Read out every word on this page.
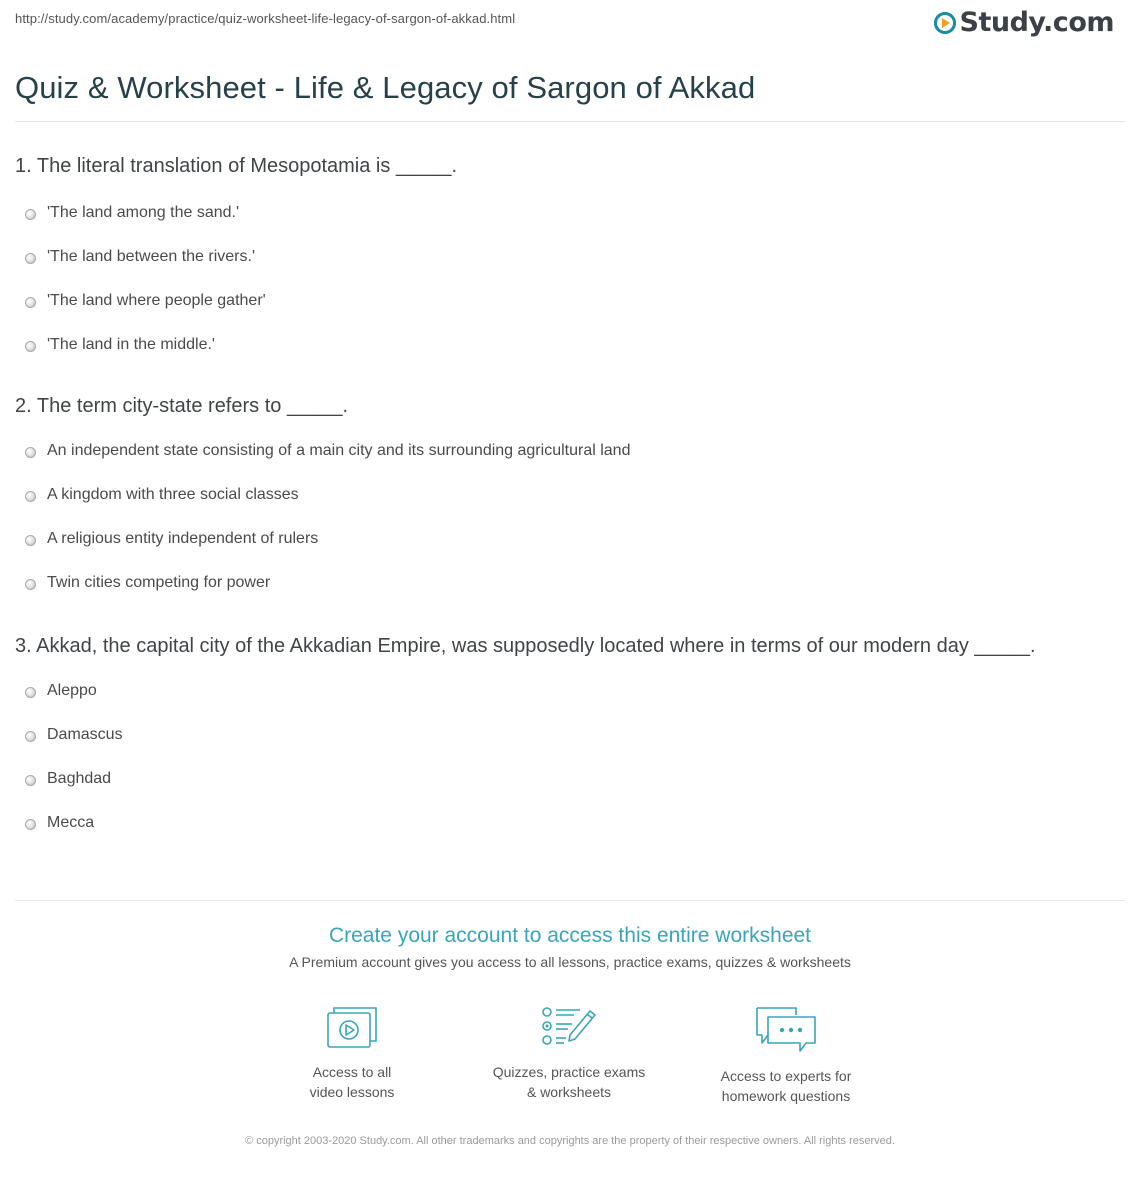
http://study.com/academy/practice/quiz-worksheet-life-legacy-of-sargon-of-akkad.html	Study.com
Quiz & Worksheet - Life & Legacy of Sargon of Akkad

1. The literal translation of Mesopotamia is _____.

'The land among the sand.'
'The land between the rivers.'
'The land where people gather'
'The land in the middle.'

2. The term city-state refers to _____.

An independent state consisting of a main city and its surrounding agricultural land
A kingdom with three social classes
A religious entity independent of rulers
Twin cities competing for power

3. Akkad, the capital city of the Akkadian Empire, was supposedly located where in terms of our modern day _____.

Aleppo
Damascus
Baghdad
Mecca
Create your account to access this entire worksheet
A Premium account gives you access to all lessons, practice exams, quizzes & worksheets
Access to all
video lessons
Quizzes, practice exams
& worksheets
Access to experts for
homework questions
© copyright 2003-2020 Study.com. All other trademarks and copyrights are the property of their respective owners. All rights reserved.
